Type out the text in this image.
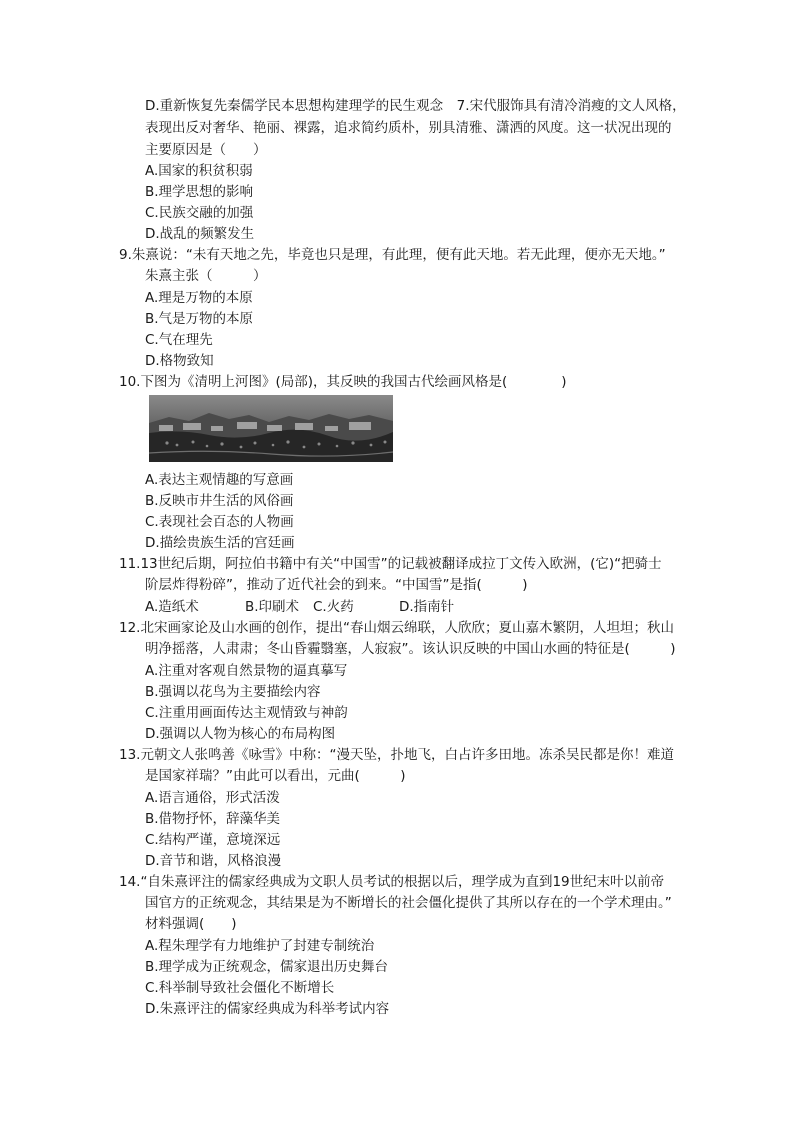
D.重新恢复先秦儒学民本思想构建理学的民生观念　7.宋代服饰具有清冷消瘦的文人风格，
表现出反对奢华、艳丽、裸露，追求简约质朴，别具清雅、潇洒的风度。这一状况出现的
主要原因是（　　）
A.国家的积贫积弱
B.理学思想的影响
C.民族交融的加强
D.战乱的频繁发生
9.朱熹说：“未有天地之先，毕竟也只是理，有此理，便有此天地。若无此理，便亦无天地。”
朱熹主张（　　　）
A.理是万物的本原
B.气是万物的本原
C.气在理先
D.格物致知
10.下图为《清明上河图》(局部)，其反映的我国古代绘画风格是(　　　　)
A.表达主观情趣的写意画
B.反映市井生活的风俗画
C.表现社会百态的人物画
D.描绘贵族生活的宫廷画
11.13世纪后期，阿拉伯书籍中有关“中国雪”的记载被翻译成拉丁文传入欧洲，(它)“把骑士
阶层炸得粉碎”，推动了近代社会的到来。“中国雪”是指(　　　)
A.造纸术	B.印刷术 C.火药	D.指南针
12.北宋画家论及山水画的创作，提出“春山烟云绵联，人欣欣；夏山嘉木繁阴，人坦坦；秋山
明净摇落，人肃肃；冬山昏霾翳塞，人寂寂”。该认识反映的中国山水画的特征是(　　　)
A.注重对客观自然景物的逼真摹写
B.强调以花鸟为主要描绘内容
C.注重用画面传达主观情致与神韵
D.强调以人物为核心的布局构图
13.元朝文人张鸣善《咏雪》中称：“漫天坠，扑地飞，白占许多田地。冻杀吴民都是你！难道
是国家祥瑞？”由此可以看出，元曲(　　　)
A.语言通俗，形式活泼
B.借物抒怀，辞藻华美
C.结构严谨，意境深远
D.音节和谐，风格浪漫
14.“自朱熹评注的儒家经典成为文职人员考试的根据以后，理学成为直到19世纪末叶以前帝
国官方的正统观念，其结果是为不断增长的社会僵化提供了其所以存在的一个学术理由。”
材料强调(　　)
A.程朱理学有力地维护了封建专制统治
B.理学成为正统观念，儒家退出历史舞台
C.科举制导致社会僵化不断增长
D.朱熹评注的儒家经典成为科举考试内容
